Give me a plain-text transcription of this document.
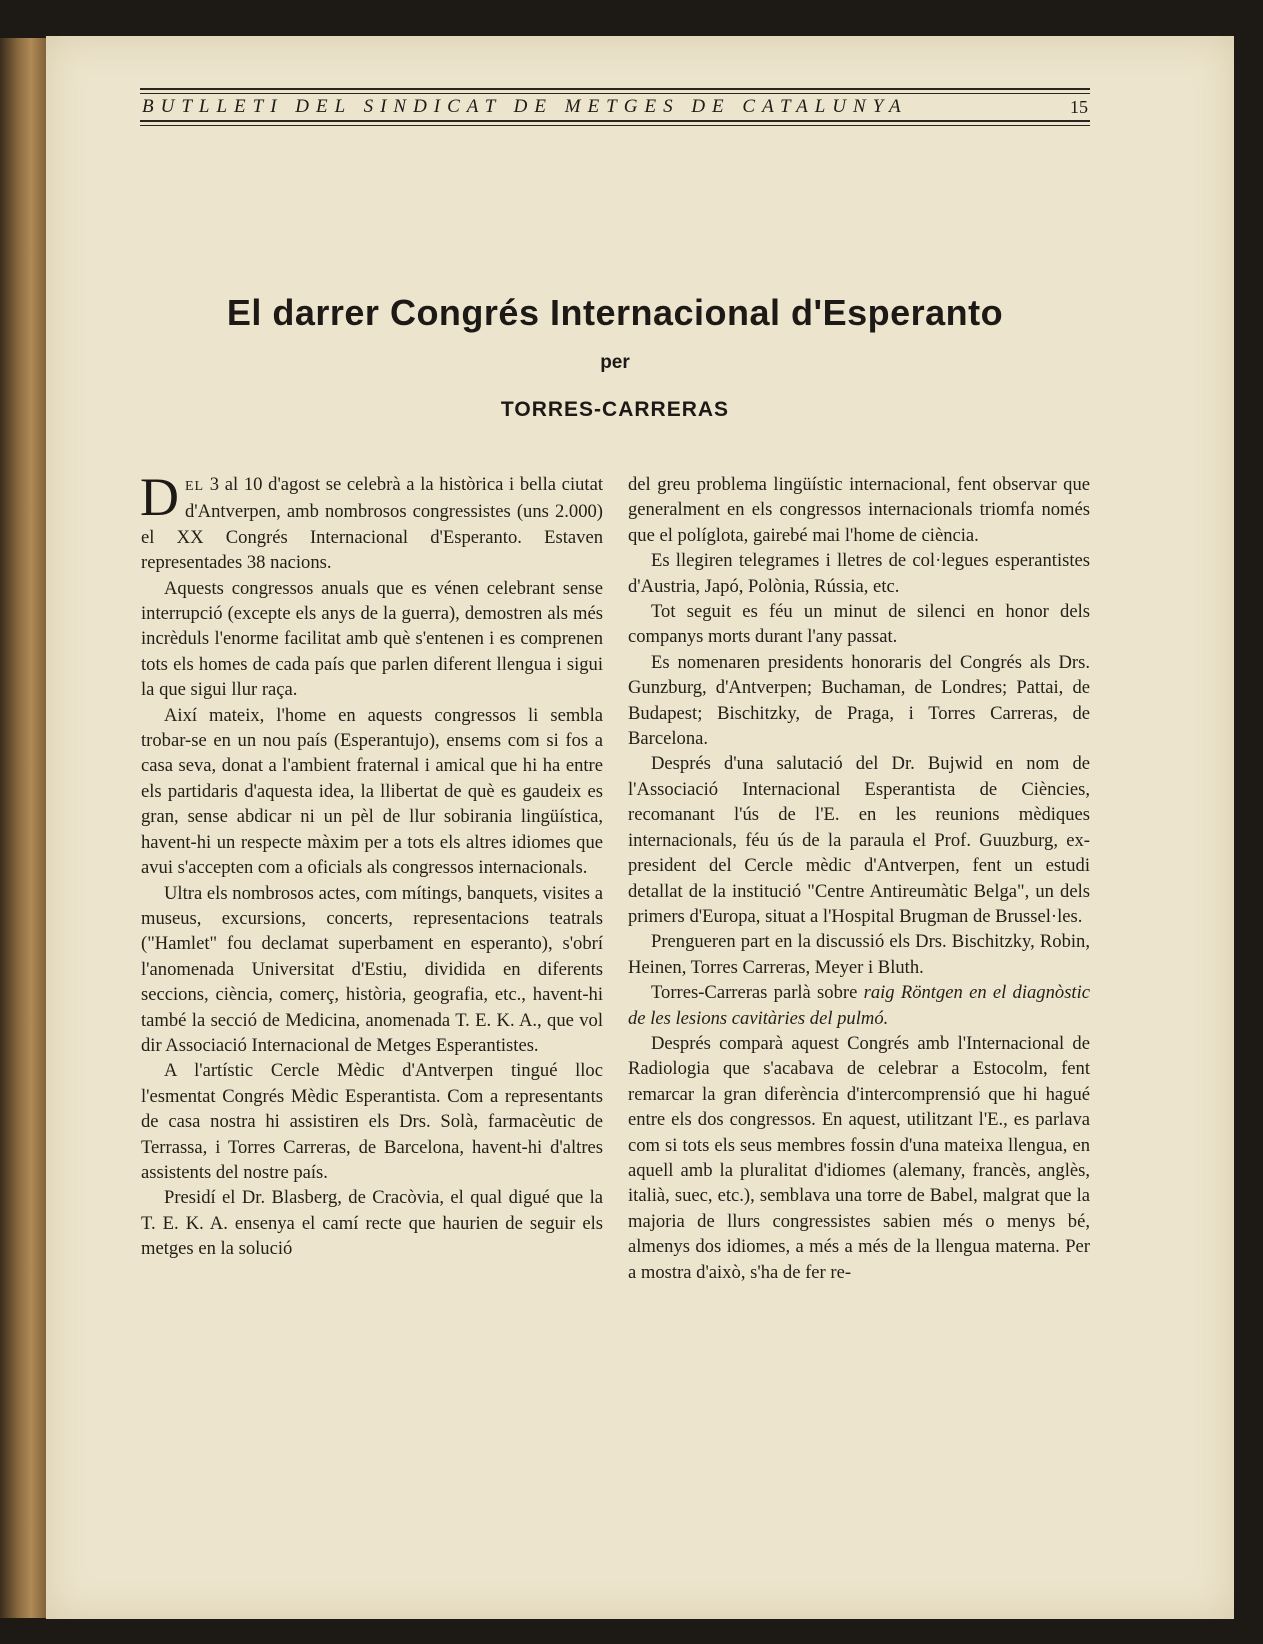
BUTLLETI DEL SINDICAT DE METGES DE CATALUNYA	15
El darrer Congrés Internacional d'Esperanto
per
TORRES-CARRERAS

DEL 3 al 10 d'agost se celebrà a la històrica i bella ciutat d'Antverpen, amb nombrosos congressistes (uns 2.000) el XX Congrés Internacional d'Esperanto. Estaven representades 38 nacions.

Aquests congressos anuals que es vénen celebrant sense interrupció (excepte els anys de la guerra), demostren als més incrèduls l'enorme facilitat amb què s'entenen i es comprenen tots els homes de cada país que parlen diferent llengua i sigui la que sigui llur raça.

Així mateix, l'home en aquests congressos li sembla trobar-se en un nou país (Esperantujo), ensems com si fos a casa seva, donat a l'ambient fraternal i amical que hi ha entre els partidaris d'aquesta idea, la llibertat de què es gaudeix es gran, sense abdicar ni un pèl de llur sobirania lingüística, havent-hi un respecte màxim per a tots els altres idiomes que avui s'accepten com a oficials als congressos internacionals.

Ultra els nombrosos actes, com mítings, banquets, visites a museus, excursions, concerts, representacions teatrals ("Hamlet" fou declamat superbament en esperanto), s'obrí l'anomenada Universitat d'Estiu, dividida en diferents seccions, ciència, comerç, història, geografia, etc., havent-hi també la secció de Medicina, anomenada T. E. K. A., que vol dir Associació Internacional de Metges Esperantistes.

A l'artístic Cercle Mèdic d'Antverpen tingué lloc l'esmentat Congrés Mèdic Esperantista. Com a representants de casa nostra hi assistiren els Drs. Solà, farmacèutic de Terrassa, i Torres Carreras, de Barcelona, havent-hi d'altres assistents del nostre país.

Presidí el Dr. Blasberg, de Cracòvia, el qual digué que la T. E. K. A. ensenya el camí recte que haurien de seguir els metges en la solució

del greu problema lingüístic internacional, fent observar que generalment en els congressos internacionals triomfa només que el políglota, gairebé mai l'home de ciència.

Es llegiren telegrames i lletres de col·legues esperantistes d'Austria, Japó, Polònia, Rússia, etc.

Tot seguit es féu un minut de silenci en honor dels companys morts durant l'any passat.

Es nomenaren presidents honoraris del Congrés als Drs. Gunzburg, d'Antverpen; Buchaman, de Londres; Pattai, de Budapest; Bischitzky, de Praga, i Torres Carreras, de Barcelona.

Després d'una salutació del Dr. Bujwid en nom de l'Associació Internacional Esperantista de Ciències, recomanant l'ús de l'E. en les reunions mèdiques internacionals, féu ús de la paraula el Prof. Guuzburg, ex-president del Cercle mèdic d'Antverpen, fent un estudi detallat de la institució "Centre Antireumàtic Belga", un dels primers d'Europa, situat a l'Hospital Brugman de Brussel·les.

Prengueren part en la discussió els Drs. Bischitzky, Robin, Heinen, Torres Carreras, Meyer i Bluth.

Torres-Carreras parlà sobre raig Röntgen en el diagnòstic de les lesions cavitàries del pulmó.

Després comparà aquest Congrés amb l'Internacional de Radiologia que s'acabava de celebrar a Estocolm, fent remarcar la gran diferència d'intercomprensió que hi hagué entre els dos congressos. En aquest, utilitzant l'E., es parlava com si tots els seus membres fossin d'una mateixa llengua, en aquell amb la pluralitat d'idiomes (alemany, francès, anglès, italià, suec, etc.), semblava una torre de Babel, malgrat que la majoria de llurs congressistes sabien més o menys bé, almenys dos idiomes, a més a més de la llengua materna. Per a mostra d'això, s'ha de fer re-
